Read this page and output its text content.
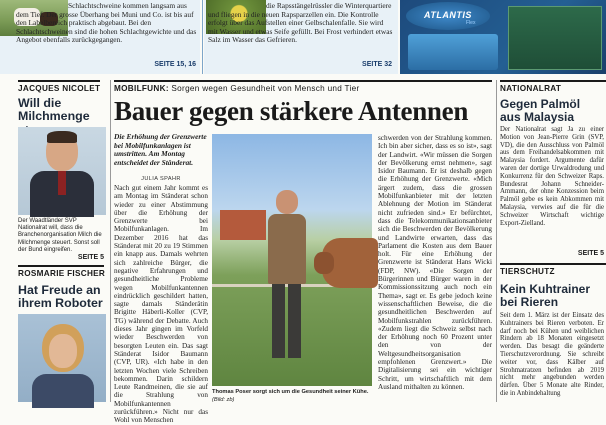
Schlachtschweine kommen langsam aus dem Tief. Der grosse Überhang bei Muni und Co. ist bis auf den Labelbereich praktisch abgebaut. Bei den Schlachtschweinen sind die hohen Schlachtgewichte und das Angebot ebenfalls zurückgegangen.

SEITE 15, 16

die Rapsstängelrüssler die Winterquartiere und fliegen in die neuen Rapsparzellen ein. Die Kontrolle erfolgt über das Aufstellen einer Gelbschalenfalle. Sie wird mit Wasser und etwas Seife gefüllt. Bei Frost verhindert etwas Salz im Wasser das Gefrieren.

SEITE 32
ATLANTIS
Flex
JACQUES NICOLET
Will die Milchmenge
Der Waadtländer SVP Nationalrat will, dass die Branchenorganisation Milch die Milchmenge steuert. Sonst soll der Bund eingreifen.
SEITE 5
ROSMARIE FISCHER
Hat Freude an ihrem Roboter
MOBILFUNK: Sorgen wegen Gesundheit von Mensch und Tier
Bauer gegen stärkere Antennen
Die Erhöhung der Grenzwerte bei Mobilfunkanlagen ist umstritten. Am Montag entscheidet der Ständerat.
JULIA SPAHR
Nach gut einem Jahr kommt es am Montag im Ständerat schon wieder zu einer Abstimmung über die Erhöhung der Grenzwerte bei Mobilfunkanlagen. Im Dezember 2016 hat das Ständerat mit 20 zu 19 Stimmen ein knapp aus. Damals wehrten sich zahlreiche Bürger, die negative Erfahrungen und gesundheitliche Probleme wegen Mobilfunkantennen eindrücklich geschildert hatten, sagte damals Ständerätin Brigitte Häberli-Koller (CVP, TG) während der Debatte. Auch dieses Jahr gingen im Vorfeld wieder Beschwerden von besorgten Leuten ein. Das sagt Ständerat Isidor Baumann (CVP, UR). «Ich habe in den letzten Wochen viele Schreiben bekommen. Darin schildern Leute Randmeinen, die sie auf die Strahlung von Mobilfunkantennen zurückführen.» Nicht nur das Wohl von Menschen
Thomas Poser sorgt sich um die Gesundheit seiner Kühe. (Bild: zb)
schwerden von der Strahlung kommen. Ich bin aber sicher, dass es so ist», sagt der Landwirt. «Wir müssen die Sorgen der Bevölkerung ernst nehmen», sagt Isidor Baumann. Er ist deshalb gegen die Erhöhung der Grenzwerte. «Mich ärgert zudem, dass die grossen Mobilfunkanbieter mit der letzten Ablehnung der Motion im Ständerat nicht zufrieden sind.» Er befürchtet, dass die Telekommunikationsanbieter sich die Beschwerden der Bevölkerung und Landwirte erwarten, dass das Parlament die Kosten aus dem Bauer holt. Für eine Erhöhung der Grenzwerte ist Ständerat Hans Wicki (FDP, NW). «Die Sorgen der Bürgerinnen und Bürger waren in der Kommissionssitzung auch noch ein Thema», sagt er. Es gebe jedoch keine wissenschaftlichen Beweise, die die gesundheitlichen Beschwerden auf Mobilfunkstrahlen zurückführen. «Zudem liegt die Schweiz selbst nach der Erhöhung noch 60 Prozent unter den von der Weltgesundheitsorganisation empfohlenen Grenzwert.» Die Digitalisierung sei ein wichtiger Schritt, um wirtschaftlich mit dem Ausland mithalten zu können.
NATIONALRAT
Gegen Palmöl aus Malaysia
Der Nationalrat sagt Ja zu einer Motion von Jean-Pierre Grin (SVP, VD), die den Ausschluss von Palmöl aus dem Freihandelsabkommen mit Malaysia fordert. Argumente dafür waren der dortige Urwaldrodung und Konkurrenz für den Schweizer Raps. Bundesrat Johann Schneider-Ammann, der ohne Konzession beim Palmöl gebe es kein Abkommen mit Malaysia, verwies auf die für die Schweizer Wirtschaft wichtige Export-Zielland.
SEITE 5
TIERSCHUTZ
Kein Kuhtrainer bei Rieren
Seit dem 1. März ist der Einsatz des Kuhtrainers bei Rieren verboten. Er darf noch bei Kühen und weiblichen Rindern ab 18 Monaten eingesetzt werden. Das besagt die geänderte Tierschutzverordnung. Sie schreibt weiter vor, dass Kälber auf Strohmatratzen befinden ab 2019 nicht mehr angebunden werden dürfen. Über 5 Monate alte Rinder, die in Anbindehaltung
